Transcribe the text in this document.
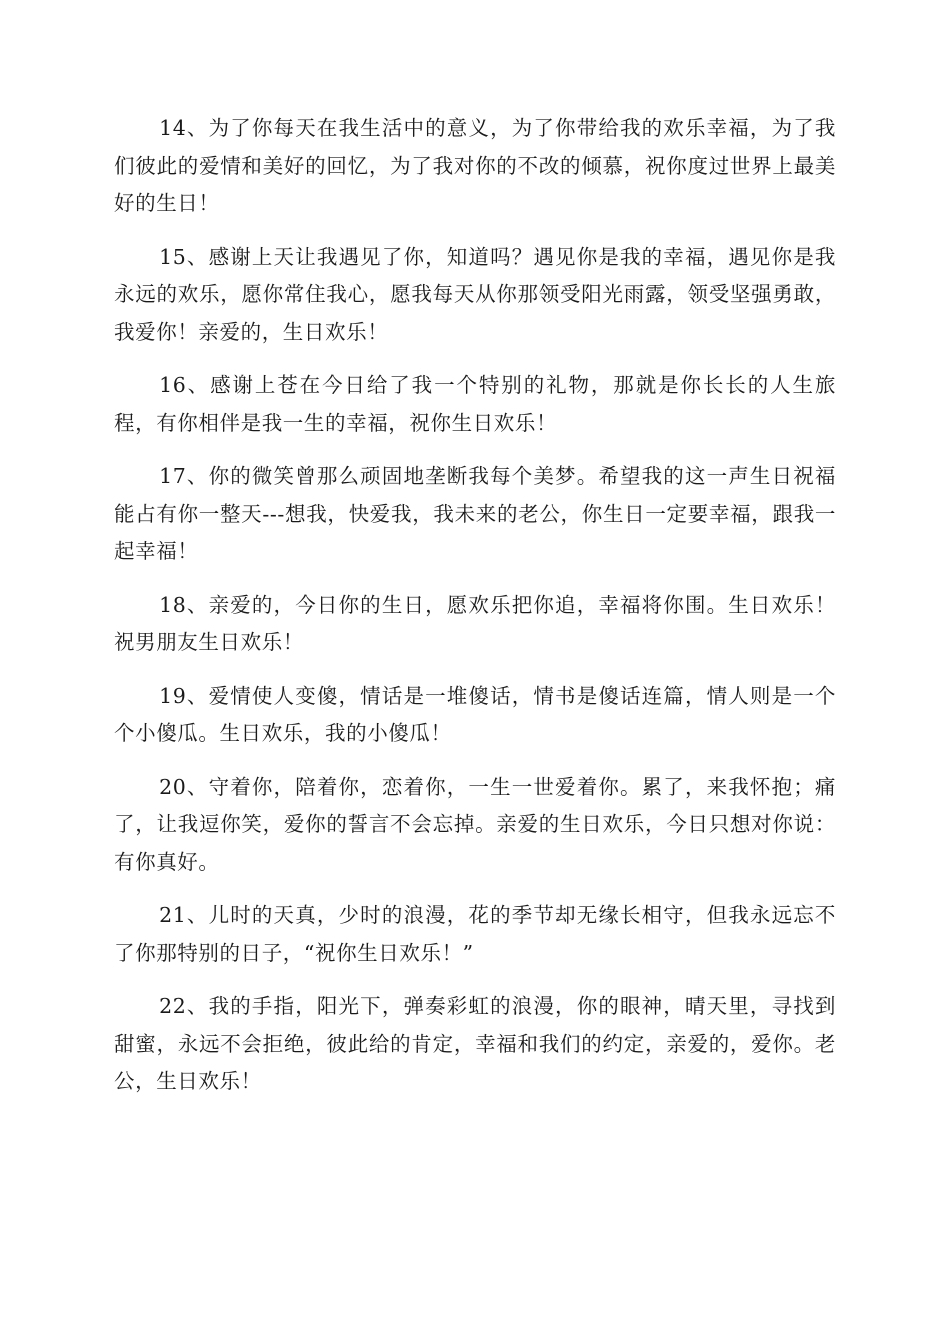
14、为了你每天在我生活中的意义，为了你带给我的欢乐幸福，为了我们彼此的爱情和美好的回忆，为了我对你的不改的倾慕，祝你度过世界上最美好的生日！

15、感谢上天让我遇见了你，知道吗？遇见你是我的幸福，遇见你是我永远的欢乐，愿你常住我心，愿我每天从你那领受阳光雨露，领受坚强勇敢，我爱你！亲爱的，生日欢乐！

16、感谢上苍在今日给了我一个特别的礼物，那就是你长长的人生旅程，有你相伴是我一生的幸福，祝你生日欢乐！

17、你的微笑曾那么顽固地垄断我每个美梦。希望我的这一声生日祝福能占有你一整天---想我，快爱我，我未来的老公，你生日一定要幸福，跟我一起幸福！

18、亲爱的，今日你的生日，愿欢乐把你追，幸福将你围。生日欢乐！祝男朋友生日欢乐！

19、爱情使人变傻，情话是一堆傻话，情书是傻话连篇，情人则是一个个小傻瓜。生日欢乐，我的小傻瓜！

20、守着你，陪着你，恋着你，一生一世爱着你。累了，来我怀抱；痛了，让我逗你笑，爱你的誓言不会忘掉。亲爱的生日欢乐，今日只想对你说：有你真好。

21、儿时的天真，少时的浪漫，花的季节却无缘长相守，但我永远忘不了你那特别的日子，“祝你生日欢乐！”

22、我的手指，阳光下，弹奏彩虹的浪漫，你的眼神，晴天里，寻找到甜蜜，永远不会拒绝，彼此给的肯定，幸福和我们的约定，亲爱的，爱你。老公，生日欢乐！
